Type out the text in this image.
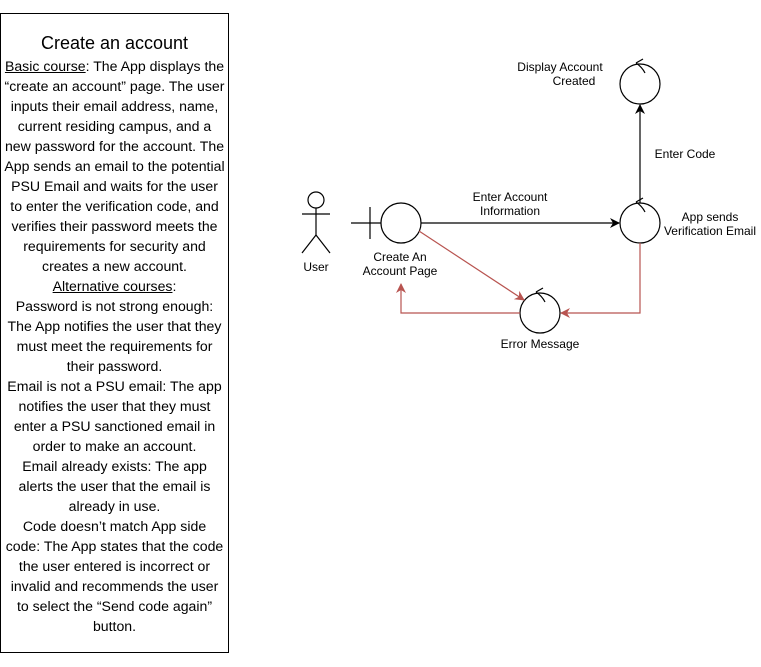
Create an account

Basic course: The App displays the “create an account” page. The user inputs their email address, name, current residing campus, and a new password for the account. The App sends an email to the potential PSU Email and waits for the user to enter the verification code, and verifies their password meets the requirements for security and creates a new account.

Alternative courses:

Password is not strong enough: The App notifies the user that they must meet the requirements for their password.

Email is not a PSU email: The app notifies the user that they must enter a PSU sanctioned email in order to make an account.

Email already exists: The app alerts the user that the email is already in use.

Code doesn’t match App side code: The App states that the code the user entered is incorrect or invalid and recommends the user to select the “Send code again” button.

User
Create An
Account Page
App sends
Verification Email
Display Account
Created
Error Message
Enter Account
Information
Enter Code
